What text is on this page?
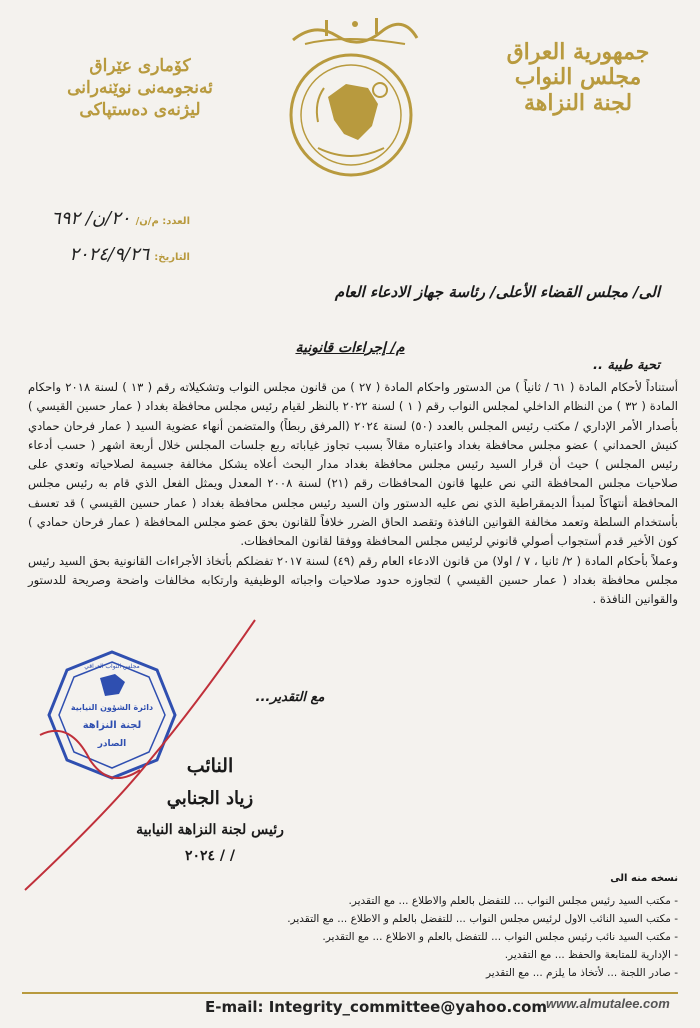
جمهورية العراق
مجلس النواب
لجنة النزاهة
كۆماری عێراق
ئەنجومەنی نوێنەرانی
لیژنەی دەستپاکی
العدد: م/ن/ ٢٠/ن/ ٦٩٢
التاريخ: ٢٠٢٤/٩/٢٦
الى/ مجلس القضاء الأعلى/ رئاسة جهاز الادعاء العام
م/ إجراءات قانونية
تحية طيبة ..

أستناداً لأحكام المادة ( ٦١ / ثانياً ) من الدستور واحكام المادة ( ٢٧ ) من قانون مجلس النواب وتشكيلاته رقم ( ١٣ ) لسنة ٢٠١٨ واحكام المادة ( ٣٢ ) من النظام الداخلي لمجلس النواب رقم ( ١ ) لسنة ٢٠٢٢ بالنظر لقيام رئيس مجلس محافظة بغداد ( عمار حسين القيسي ) بأصدار الأمر الإداري / مكتب رئيس المجلس بالعدد (٥٠) لسنة ٢٠٢٤ (المرفق ربطاً) والمتضمن أنهاء عضوية السيد ( عمار فرحان حمادي كنيش الحمداني ) عضو مجلس محافظة بغداد واعتباره مقالاً بسبب تجاوز غياباته ربع جلسات المجلس خلال أربعة اشهر ( حسب أدعاء رئيس المجلس ) حيث أن قرار السيد رئيس مجلس محافظة بغداد مدار البحث أعلاه يشكل مخالفة جسيمة لصلاحياته وتعدي على صلاحيات مجلس المحافظة التي نص عليها قانون المحافظات رقم (٢١) لسنة ٢٠٠٨ المعدل ويمثل الفعل الذي قام به رئيس مجلس المحافظة أنتهاكاً لمبدأ الديمقراطية الذي نص عليه الدستور وان السيد رئيس مجلس محافظة بغداد ( عمار حسين القيسي ) قد تعسف بأستخدام السلطة وتعمد مخالفة القوانين النافذة وتقصد الحاق الضرر خلافاً للقانون بحق عضو مجلس المحافظة ( عمار فرحان حمادي ) كون الأخير قدم أستجواب أصولي قانوني لرئيس مجلس المحافظة ووفقا لقانون المحافظات.

وعملاً بأحكام المادة ( ٢/ ثانيا ، ٧ / اولا) من قانون الادعاء العام رقم (٤٩) لسنة ٢٠١٧ تفضلكم بأتخاذ الأجراءات القانونية بحق السيد رئيس مجلس محافظة بغداد ( عمار حسين القيسي ) لتجاوزه حدود صلاحيات واجباته الوظيفية وارتكابه مخالفات واضحة وصريحة للدستور والقوانين النافذة .

مع التقدير...
دائرة الشؤون النيابية
لجنة النزاهة
الصادر
مجلس النواب العراقي
النائب
زياد الجنابي
رئيس لجنة النزاهة النيابية
/ / ٢٠٢٤
نسخه منه الى
- مكتب السيد رئيس مجلس النواب ... للتفضل بالعلم والاطلاع ... مع التقدير.
- مكتب السيد النائب الاول لرئيس مجلس النواب ... للتفضل بالعلم و الاطلاع ... مع التقدير.
- مكتب السيد نائب رئيس مجلس النواب ... للتفضل بالعلم و الاطلاع ... مع التقدير.
- الإدارية للمتابعة والحفظ ... مع التقدير.
- صادر اللجنة ... لأتخاذ ما يلزم ... مع التقدير
E-mail: Integrity_committee@yahoo.com
www.almutalee.com
